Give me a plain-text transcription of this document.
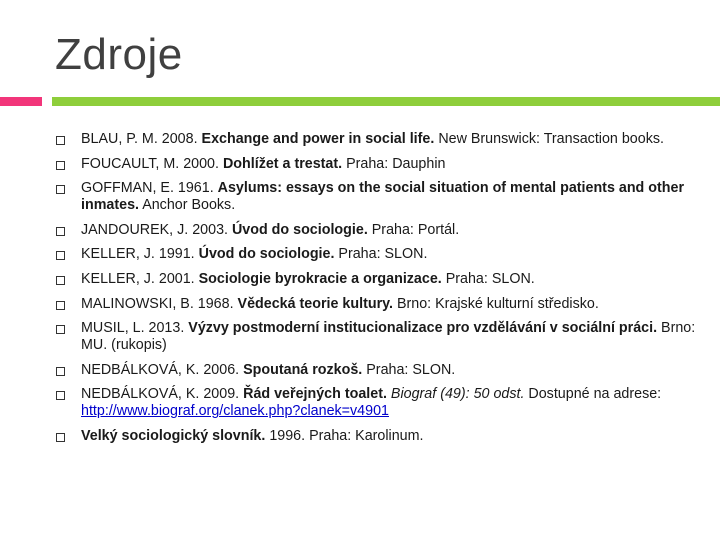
Zdroje
BLAU, P. M. 2008. Exchange and power in social life. New Brunswick: Transaction books.
FOUCAULT, M. 2000. Dohlížet a trestat. Praha: Dauphin
GOFFMAN, E. 1961. Asylums: essays on the social situation of mental patients and other inmates. Anchor Books.
JANDOUREK, J. 2003. Úvod do sociologie. Praha: Portál.
KELLER, J. 1991. Úvod do sociologie. Praha: SLON.
KELLER, J. 2001. Sociologie byrokracie a organizace. Praha: SLON.
MALINOWSKI, B. 1968. Vědecká teorie kultury. Brno: Krajské kulturní středisko.
MUSIL, L. 2013. Výzvy postmoderní institucionalizace pro vzdělávání v sociální práci. Brno: MU. (rukopis)
NEDBÁLKOVÁ, K. 2006. Spoutaná rozkoš. Praha: SLON.
NEDBÁLKOVÁ, K. 2009. Řád veřejných toalet. Biograf (49): 50 odst. Dostupné na adrese: http://www.biograf.org/clanek.php?clanek=v4901
Velký sociologický slovník. 1996. Praha: Karolinum.
